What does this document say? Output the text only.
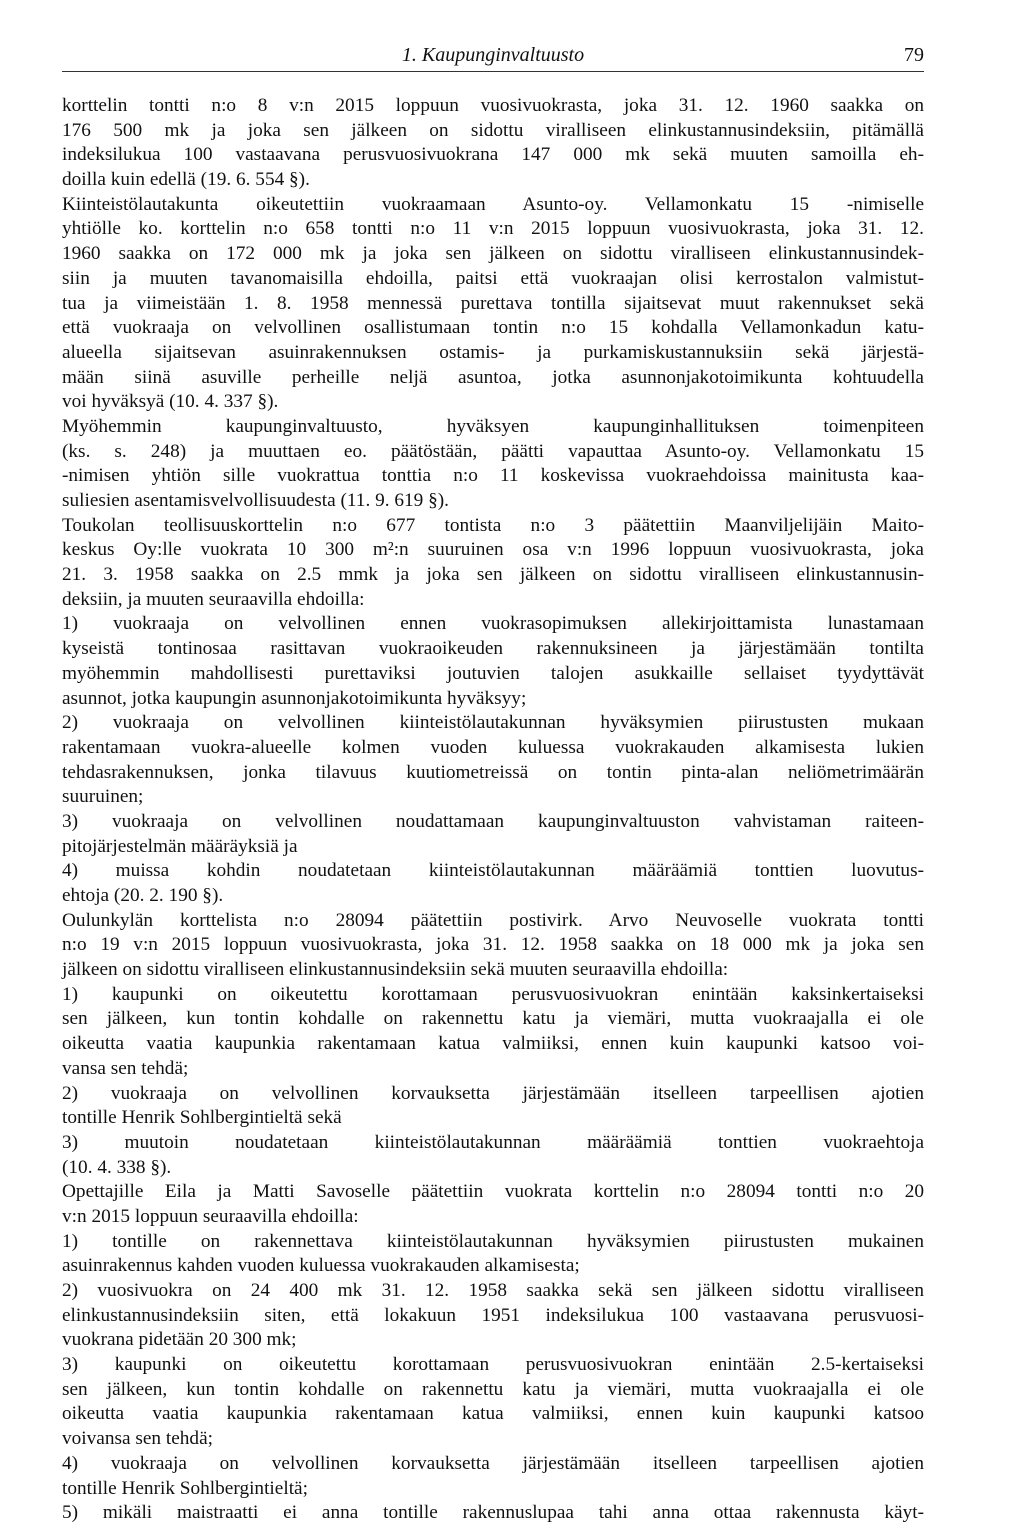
1. Kaupunginvaltuusto	79
korttelin tontti n:o 8 v:n 2015 loppuun vuosivuokrasta, joka 31. 12. 1960 saakka on
176 500 mk ja joka sen jälkeen on sidottu viralliseen elinkustannusindeksiin, pitämällä
indeksilukua 100 vastaavana perusvuosivuokrana 147 000 mk sekä muuten samoilla eh-
doilla kuin edellä (19. 6. 554 §).
Kiinteistölautakunta oikeutettiin vuokraamaan Asunto-oy. Vellamonkatu 15 -nimiselle
yhtiölle ko. korttelin n:o 658 tontti n:o 11 v:n 2015 loppuun vuosivuokrasta, joka 31. 12.
1960 saakka on 172 000 mk ja joka sen jälkeen on sidottu viralliseen elinkustannusindek-
siin ja muuten tavanomaisilla ehdoilla, paitsi että vuokraajan olisi kerrostalon valmistut-
tua ja viimeistään 1. 8. 1958 mennessä purettava tontilla sijaitsevat muut rakennukset sekä
että vuokraaja on velvollinen osallistumaan tontin n:o 15 kohdalla Vellamonkadun katu-
alueella sijaitsevan asuinrakennuksen ostamis- ja purkamiskustannuksiin sekä järjestä-
mään siinä asuville perheille neljä asuntoa, jotka asunnonjakotoimikunta kohtuudella
voi hyväksyä (10. 4. 337 §).
Myöhemmin kaupunginvaltuusto, hyväksyen kaupunginhallituksen toimenpiteen
(ks. s. 248) ja muuttaen eo. päätöstään, päätti vapauttaa Asunto-oy. Vellamonkatu 15
-nimisen yhtiön sille vuokrattua tonttia n:o 11 koskevissa vuokraehdoissa mainitusta kaa-
suliesien asentamisvelvollisuudesta (11. 9. 619 §).
Toukolan teollisuuskorttelin n:o 677 tontista n:o 3 päätettiin Maanviljelijäin Maito-
keskus Oy:lle vuokrata 10 300 m²:n suuruinen osa v:n 1996 loppuun vuosivuokrasta, joka
21. 3. 1958 saakka on 2.5 mmk ja joka sen jälkeen on sidottu viralliseen elinkustannusin-
deksiin, ja muuten seuraavilla ehdoilla:
1) vuokraaja on velvollinen ennen vuokrasopimuksen allekirjoittamista lunastamaan
kyseistä tontinosaa rasittavan vuokraoikeuden rakennuksineen ja järjestämään tontilta
myöhemmin mahdollisesti purettaviksi joutuvien talojen asukkaille sellaiset tyydyttävät
asunnot, jotka kaupungin asunnonjakotoimikunta hyväksyy;
2) vuokraaja on velvollinen kiinteistölautakunnan hyväksymien piirustusten mukaan
rakentamaan vuokra-alueelle kolmen vuoden kuluessa vuokrakauden alkamisesta lukien
tehdasrakennuksen, jonka tilavuus kuutiometreissä on tontin pinta-alan neliömetrimäärän
suuruinen;
3) vuokraaja on velvollinen noudattamaan kaupunginvaltuuston vahvistaman raiteen-
pitojärjestelmän määräyksiä ja
4) muissa kohdin noudatetaan kiinteistölautakunnan määräämiä tonttien luovutus-
ehtoja (20. 2. 190 §).
Oulunkylän korttelista n:o 28094 päätettiin postivirk. Arvo Neuvoselle vuokrata tontti
n:o 19 v:n 2015 loppuun vuosivuokrasta, joka 31. 12. 1958 saakka on 18 000 mk ja joka sen
jälkeen on sidottu viralliseen elinkustannusindeksiin sekä muuten seuraavilla ehdoilla:
1) kaupunki on oikeutettu korottamaan perusvuosivuokran enintään kaksinkertaiseksi
sen jälkeen, kun tontin kohdalle on rakennettu katu ja viemäri, mutta vuokraajalla ei ole
oikeutta vaatia kaupunkia rakentamaan katua valmiiksi, ennen kuin kaupunki katsoo voi-
vansa sen tehdä;
2) vuokraaja on velvollinen korvauksetta järjestämään itselleen tarpeellisen ajotien
tontille Henrik Sohlbergintieltä sekä
3) muutoin noudatetaan kiinteistölautakunnan määräämiä tonttien vuokraehtoja
(10. 4. 338 §).
Opettajille Eila ja Matti Savoselle päätettiin vuokrata korttelin n:o 28094 tontti n:o 20
v:n 2015 loppuun seuraavilla ehdoilla:
1) tontille on rakennettava kiinteistölautakunnan hyväksymien piirustusten mukainen
asuinrakennus kahden vuoden kuluessa vuokrakauden alkamisesta;
2) vuosivuokra on 24 400 mk 31. 12. 1958 saakka sekä sen jälkeen sidottu viralliseen
elinkustannusindeksiin siten, että lokakuun 1951 indeksilukua 100 vastaavana perusvuosi-
vuokrana pidetään 20 300 mk;
3) kaupunki on oikeutettu korottamaan perusvuosivuokran enintään 2.5-kertaiseksi
sen jälkeen, kun tontin kohdalle on rakennettu katu ja viemäri, mutta vuokraajalla ei ole
oikeutta vaatia kaupunkia rakentamaan katua valmiiksi, ennen kuin kaupunki katsoo
voivansa sen tehdä;
4) vuokraaja on velvollinen korvauksetta järjestämään itselleen tarpeellisen ajotien
tontille Henrik Sohlbergintieltä;
5) mikäli maistraatti ei anna tontille rakennuslupaa tahi anna ottaa rakennusta käyt-
